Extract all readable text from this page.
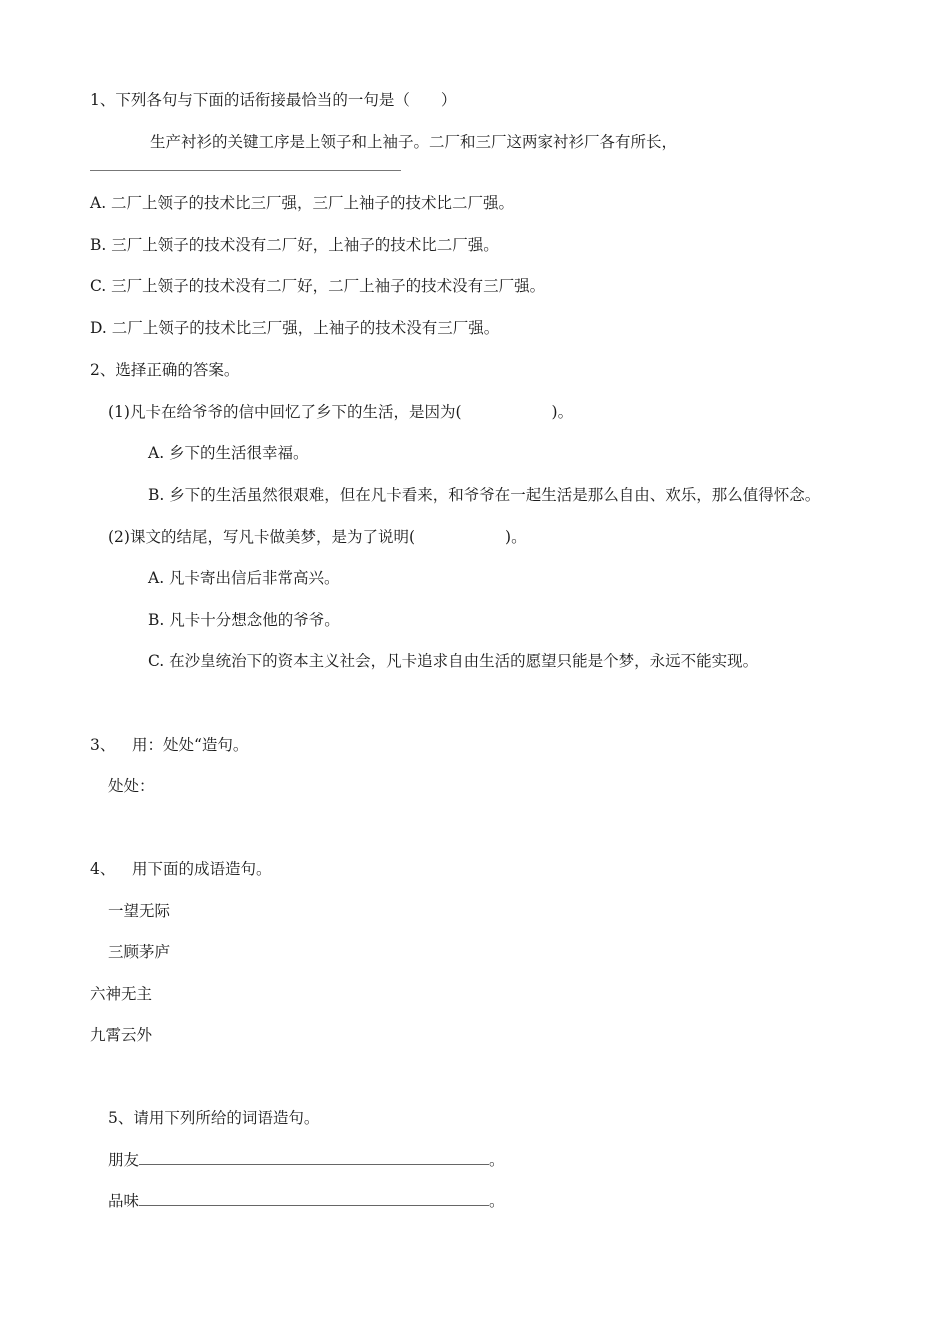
1、下列各句与下面的话衔接最恰当的一句是（　　）
生产衬衫的关键工序是上领子和上袖子。二厂和三厂这两家衬衫厂各有所长，
A. 二厂上领子的技术比三厂强，三厂上袖子的技术比二厂强。
B. 三厂上领子的技术没有二厂好，上袖子的技术比二厂强。
C. 三厂上领子的技术没有二厂好，二厂上袖子的技术没有三厂强。
D. 二厂上领子的技术比三厂强，上袖子的技术没有三厂强。
2、选择正确的答案。
(1)凡卡在给爷爷的信中回忆了乡下的生活，是因为(	)。
A. 乡下的生活很幸福。
B. 乡下的生活虽然很艰难，但在凡卡看来，和爷爷在一起生活是那么自由、欢乐，那么值得怀念。
(2)课文的结尾，写凡卡做美梦，是为了说明(	)。
A. 凡卡寄出信后非常高兴。
B. 凡卡十分想念他的爷爷。
C. 在沙皇统治下的资本主义社会，凡卡追求自由生活的愿望只能是个梦，永远不能实现。
3、 用：处处“造句。
处处：
4、 用下面的成语造句。
一望无际
三顾茅庐
六神无主
九霄云外
5、请用下列所给的词语造句。
朋友	。
品味	。
